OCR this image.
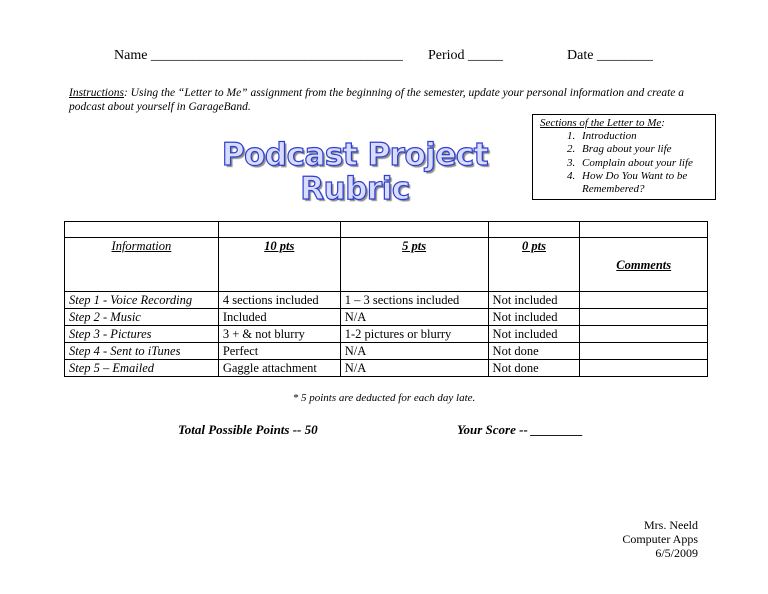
Name ____________________________________ Period _____	Date ________
Instructions: Using the “Letter to Me” assignment from the beginning of the semester, update your personal information and create a podcast about yourself in GarageBand.
Sections of the Letter to Me:
1. Introduction
2. Brag about your life
3. Complain about your life
4. How Do You Want to be Remembered?
Podcast Project
Rubric

Information	10 pts	5 pts	0 pts	Comments
Step 1 - Voice Recording	4 sections included	1 – 3 sections included	Not included	
Step 2 - Music	Included	N/A	Not included	
Step 3 - Pictures	3 + & not blurry	1-2 pictures or blurry	Not included	
Step 4 - Sent to iTunes	Perfect	N/A	Not done	
Step 5 – Emailed	Gaggle attachment	N/A	Not done	
* 5 points are deducted for each day late.
Total Possible Points -- 50	Your Score -- ________
Mrs. Neeld
Computer Apps
6/5/2009
